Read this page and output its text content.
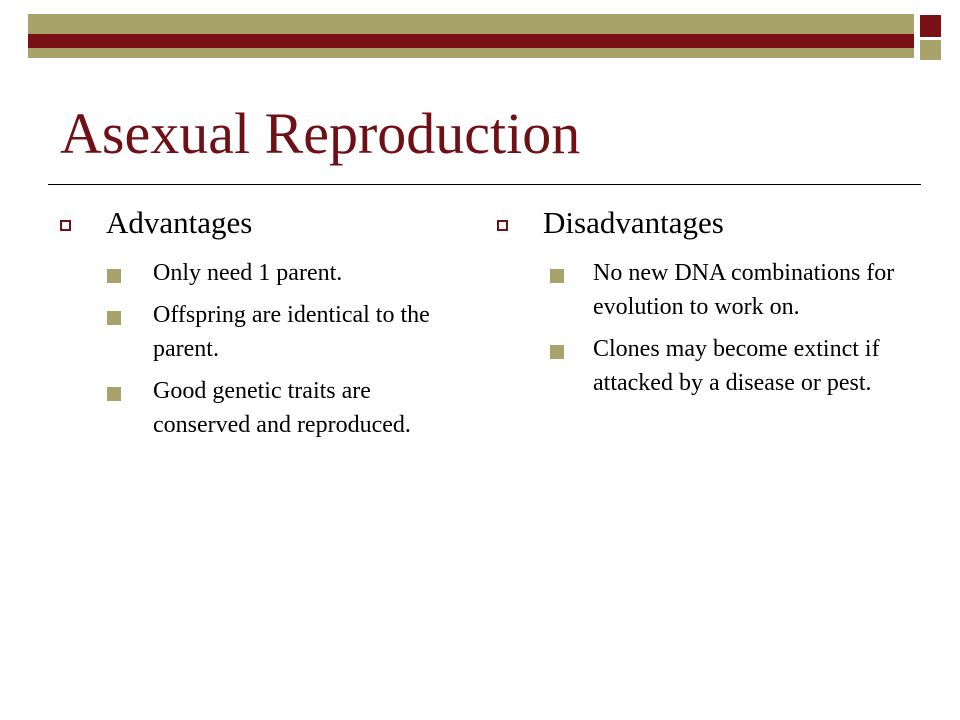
Asexual Reproduction
Advantages
Only need 1 parent.
Offspring are identical to the parent.
Good genetic traits are conserved and reproduced.
Disadvantages
No new DNA combinations for evolution to work on.
Clones may become extinct if attacked by a disease or pest.
